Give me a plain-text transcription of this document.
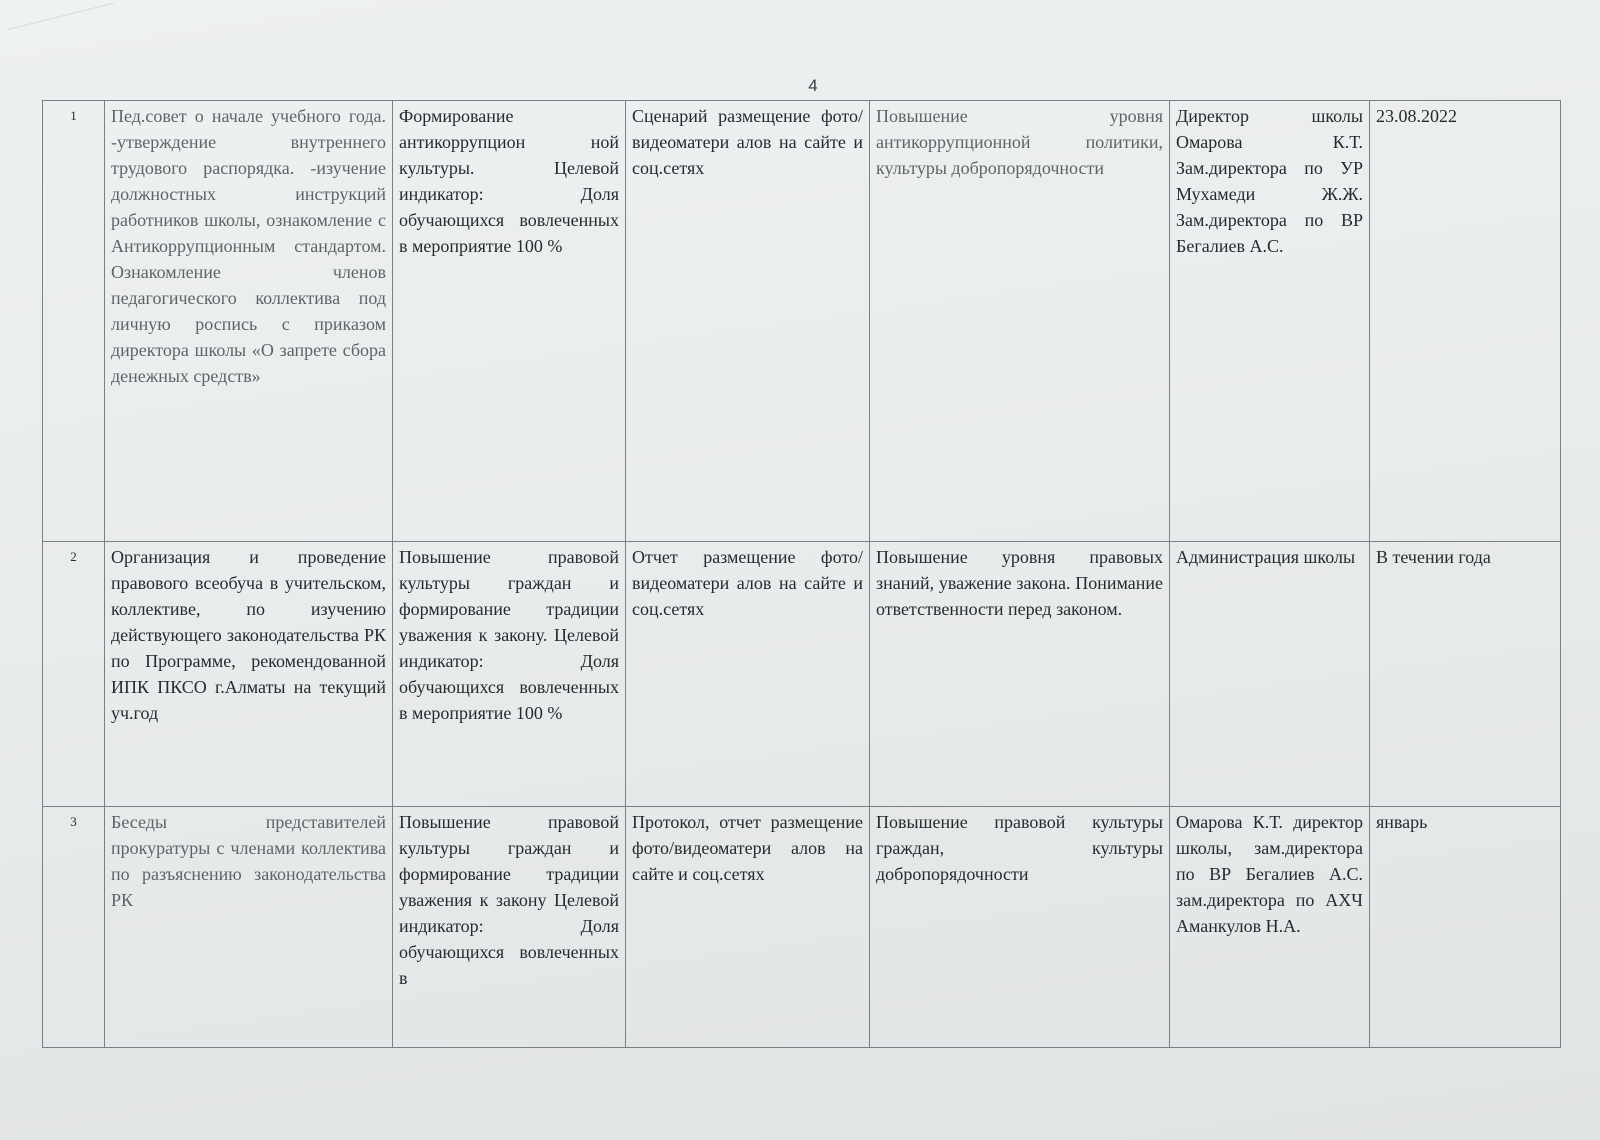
4
1	Пед.совет о начале учебного года. -утверждение внутреннего трудового распорядка. -изучение должностных инструкций работников школы, ознакомление с Антикоррупционным стандартом. Ознакомление членов педагогического коллектива под личную роспись с приказом директора школы «О запрете сбора денежных средств»	Формирование антикоррупцион ной культуры. Целевой индикатор: Доля обучающихся вовлеченных в мероприятие 100 %	Сценарий размещение фото/видеоматери алов на сайте и соц.сетях	Повышение уровня антикоррупционной политики, культуры добропорядочности	Директор школы Омарова К.Т. Зам.директора по УР Мухамеди Ж.Ж. Зам.директора по ВР Бегалиев А.С.	23.08.2022
2	Организация и проведение правового всеобуча в учительском, коллективе, по изучению действующего законодательства РК по Программе, рекомендованной ИПК ПКСО г.Алматы на текущий уч.год	Повышение правовой культуры граждан и формирование традиции уважения к закону. Целевой индикатор: Доля обучающихся вовлеченных в мероприятие 100 %	Отчет размещение фото/видеоматери алов на сайте и соц.сетях	Повышение уровня правовых знаний, уважение закона. Понимание ответственности перед законом.	Администрация школы	В течении года
3	Беседы представителей прокуратуры с членами коллектива по разъяснению законодательства РК	Повышение правовой культуры граждан и формирование традиции уважения к закону Целевой индикатор: Доля обучающихся вовлеченных в	Протокол, отчет размещение фото/видеоматери алов на сайте и соц.сетях	Повышение правовой культуры граждан, культуры добропорядочности	Омарова К.Т. директор школы, зам.директора по ВР Бегалиев А.С. зам.директора по АХЧ Аманкулов Н.А.	январь
